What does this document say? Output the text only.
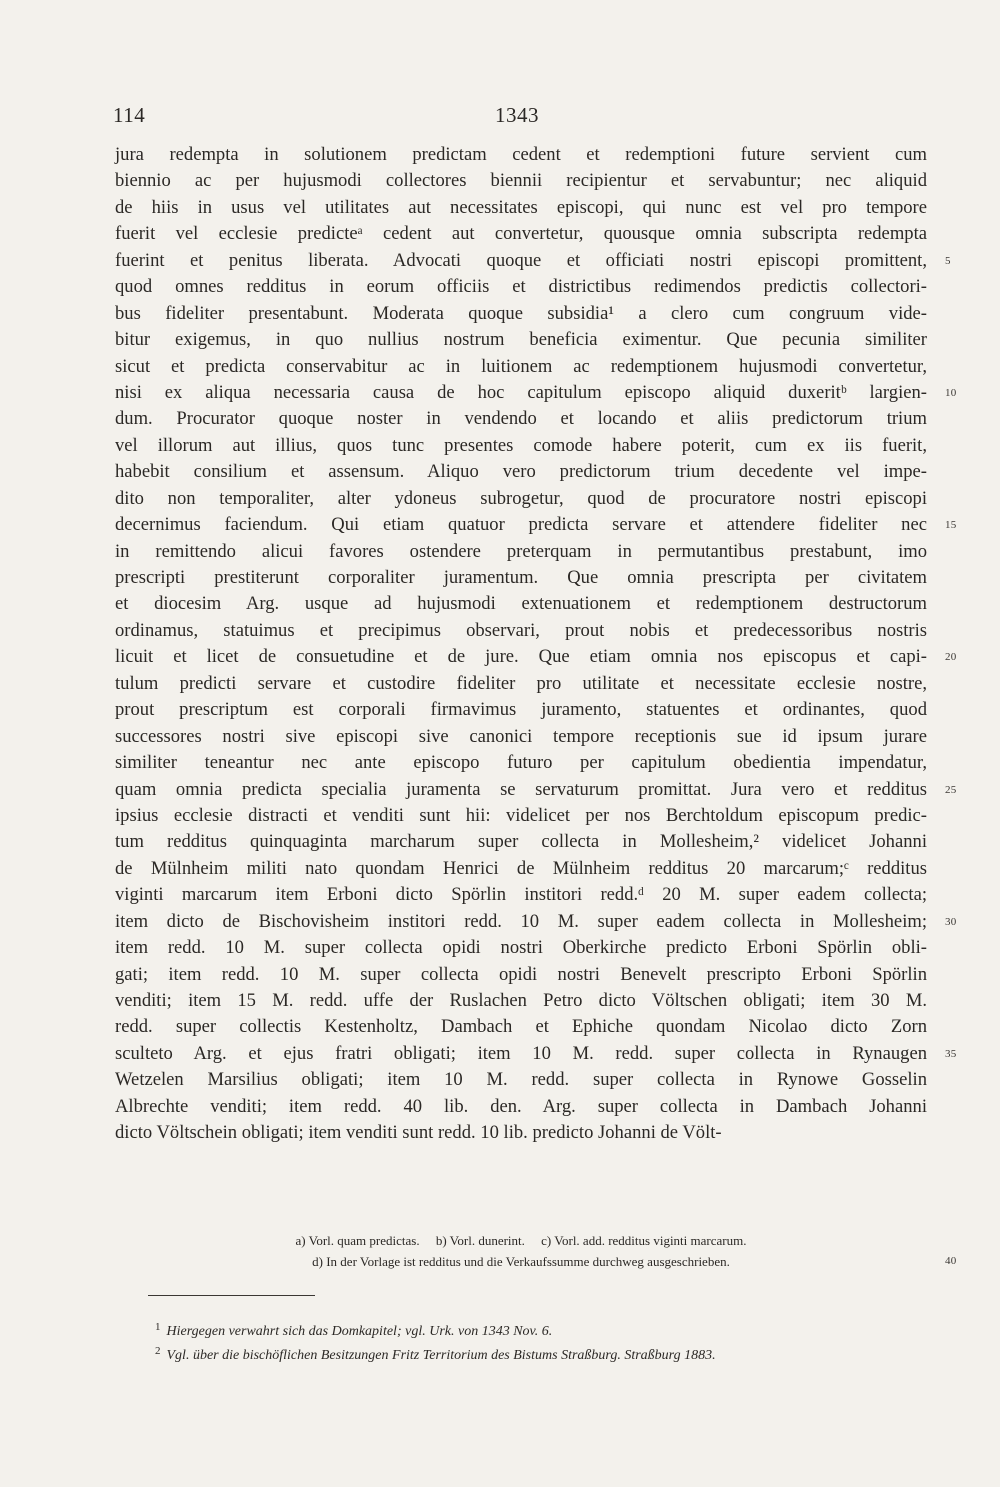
114	1343
jura redempta in solutionem predictam cedent et redemptioni future servient cum
biennio ac per hujusmodi collectores biennii recipientur et servabuntur; nec aliquid
de hiis in usus vel utilitates aut necessitates episcopi, qui nunc est vel pro tempore
fuerit vel ecclesie predicteᵃ cedent aut convertetur, quousque omnia subscripta redempta
fuerint et penitus liberata. Advocati quoque et officiati nostri episcopi promittent, 5
quod omnes redditus in eorum officiis et districtibus redimendos predictis collectori-
bus fideliter presentabunt. Moderata quoque subsidia¹ a clero cum congruum vide-
bitur exigemus, in quo nullius nostrum beneficia eximentur. Que pecunia similiter
sicut et predicta conservabitur ac in luitionem ac redemptionem hujusmodi convertetur,
nisi ex aliqua necessaria causa de hoc capitulum episcopo aliquid duxeritᵇ largien- 10
dum. Procurator quoque noster in vendendo et locando et aliis predictorum trium
vel illorum aut illius, quos tunc presentes comode habere poterit, cum ex iis fuerit,
habebit consilium et assensum. Aliquo vero predictorum trium decedente vel impe-
dito non temporaliter, alter ydoneus subrogetur, quod de procuratore nostri episcopi
decernimus faciendum. Qui etiam quatuor predicta servare et attendere fideliter nec 15
in remittendo alicui favores ostendere preterquam in permutantibus prestabunt, imo
prescripti prestiterunt corporaliter juramentum. Que omnia prescripta per civitatem
et diocesim Arg. usque ad hujusmodi extenuationem et redemptionem destructorum
ordinamus, statuimus et precipimus observari, prout nobis et predecessoribus nostris
licuit et licet de consuetudine et de jure. Que etiam omnia nos episcopus et capi- 20
tulum predicti servare et custodire fideliter pro utilitate et necessitate ecclesie nostre,
prout prescriptum est corporali firmavimus juramento, statuentes et ordinantes, quod
successores nostri sive episcopi sive canonici tempore receptionis sue id ipsum jurare
similiter teneantur nec ante episcopo futuro per capitulum obedientia impendatur,
quam omnia predicta specialia juramenta se servaturum promittat. Jura vero et redditus 25
ipsius ecclesie distracti et venditi sunt hii: videlicet per nos Berchtoldum episcopum predic-
tum redditus quinquaginta marcharum super collecta in Mollesheim,² videlicet Johanni
de Mülnheim militi nato quondam Henrici de Mülnheim redditus 20 marcarum;ᶜ redditus
viginti marcarum item Erboni dicto Spörlin institori redd.ᵈ 20 M. super eadem collecta;
item dicto de Bischovisheim institori redd. 10 M. super eadem collecta in Mollesheim; 30
item redd. 10 M. super collecta opidi nostri Oberkirche predicto Erboni Spörlin obli-
gati; item redd. 10 M. super collecta opidi nostri Benevelt prescripto Erboni Spörlin
venditi; item 15 M. redd. uffe der Ruslachen Petro dicto Völtschen obligati; item 30 M.
redd. super collectis Kestenholtz, Dambach et Ephiche quondam Nicolao dicto Zorn
sculteto Arg. et ejus fratri obligati; item 10 M. redd. super collecta in Rynaugen 35
Wetzelen Marsilius obligati; item 10 M. redd. super collecta in Rynowe Gosselin
Albrechte venditi; item redd. 40 lib. den. Arg. super collecta in Dambach Johanni
dicto Völtschein obligati; item venditi sunt redd. 10 lib. predicto Johanni de Völt-
a) Vorl. quam predictas.     b) Vorl. dunerint.     c) Vorl. add. redditus viginti marcarum.
d) In der Vorlage ist redditus und die Verkaufssumme durchweg ausgeschrieben.	40
$^1$ Hiergegen verwahrt sich das Domkapitel; vgl. Urk. von 1343 Nov. 6.
$^2$ Vgl. über die bischöflichen Besitzungen Fritz Territorium des Bistums Straßburg. Straßburg 1883.
